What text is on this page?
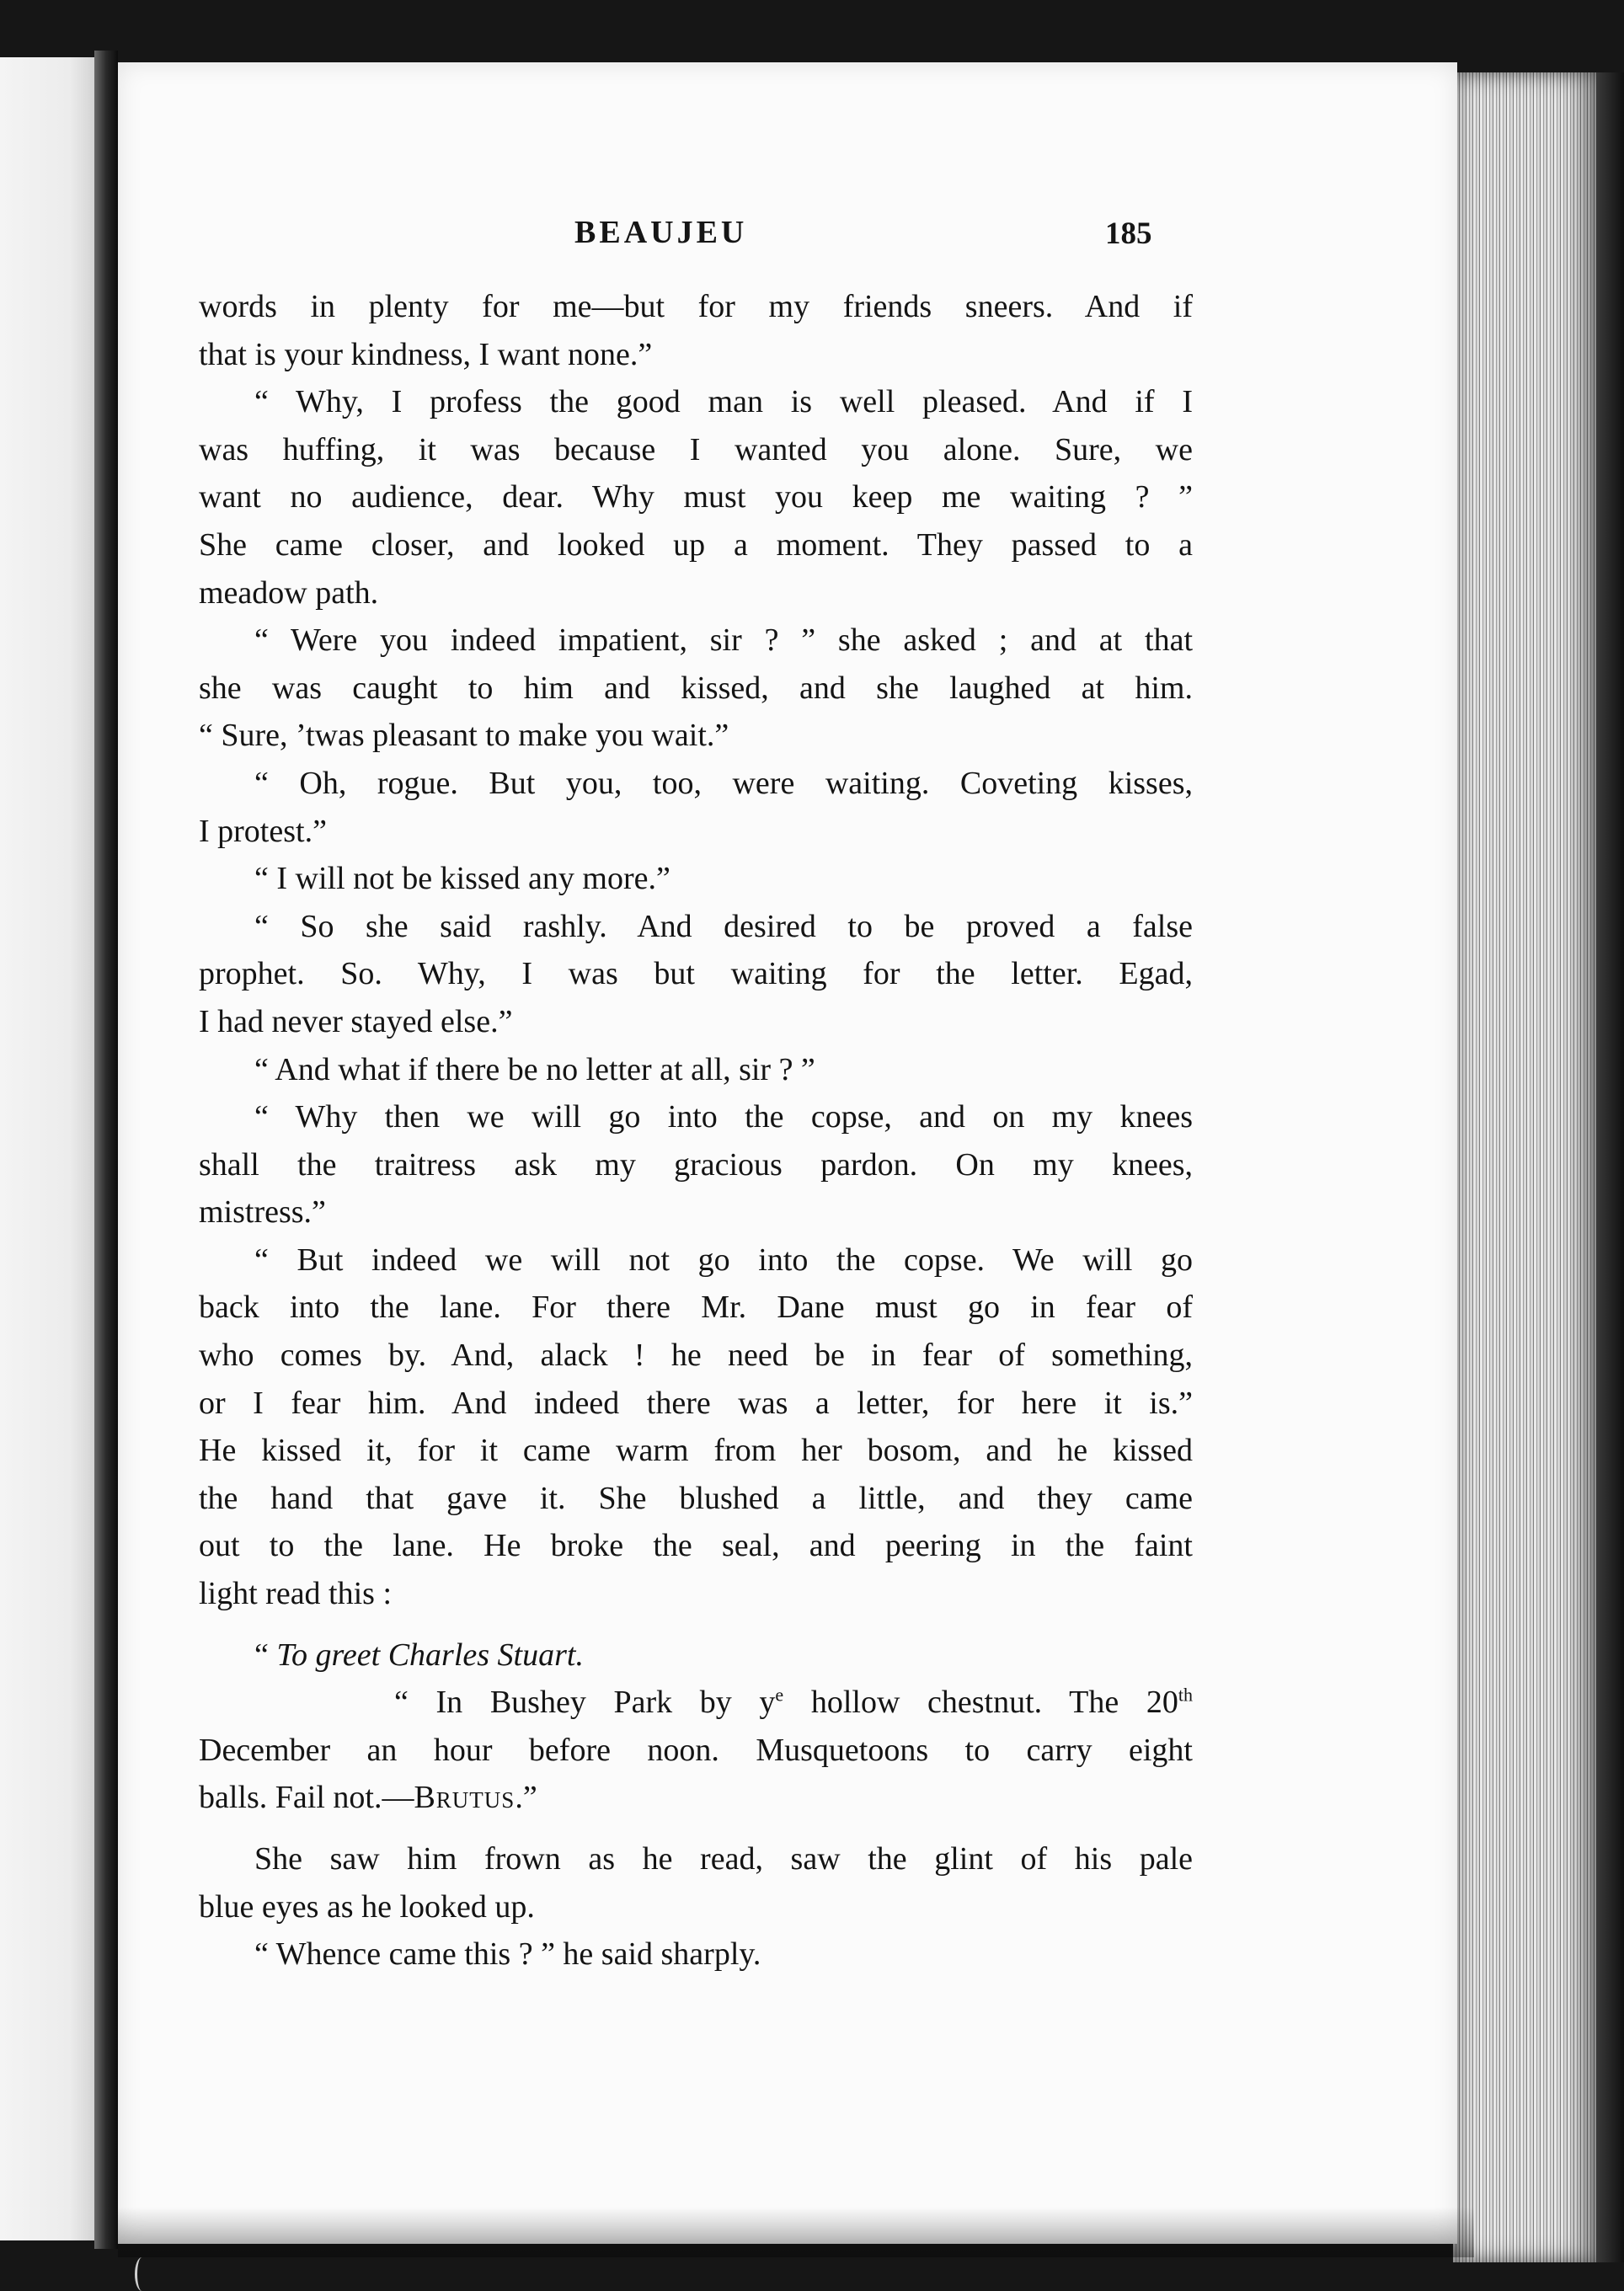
BEAUJEU	185
words in plenty for me—but for my friends sneers. And if
that is your kindness, I want none.”
“ Why, I profess the good man is well pleased. And if I
was huffing, it was because I wanted you alone. Sure, we
want no audience, dear. Why must you keep me waiting ? ”
She came closer, and looked up a moment. They passed to a
meadow path.
“ Were you indeed impatient, sir ? ” she asked ; and at that
she was caught to him and kissed, and she laughed at him.
“ Sure, ’twas pleasant to make you wait.”
“ Oh, rogue. But you, too, were waiting. Coveting kisses,
I protest.”
“ I will not be kissed any more.”
“ So she said rashly. And desired to be proved a false
prophet. So. Why, I was but waiting for the letter. Egad,
I had never stayed else.”
“ And what if there be no letter at all, sir ? ”
“ Why then we will go into the copse, and on my knees
shall the traitress ask my gracious pardon. On my knees,
mistress.”
“ But indeed we will not go into the copse. We will go
back into the lane. For there Mr. Dane must go in fear of
who comes by. And, alack ! he need be in fear of something,
or I fear him. And indeed there was a letter, for here it is.”
He kissed it, for it came warm from her bosom, and he kissed
the hand that gave it. She blushed a little, and they came
out to the lane. He broke the seal, and peering in the faint
light read this :
“ To greet Charles Stuart.
“ In Bushey Park by $y^e$ hollow chestnut. The 20th
December an hour before noon. Musquetoons to carry eight
balls. Fail not.—Brutus.”
She saw him frown as he read, saw the glint of his pale
blue eyes as he looked up.
“ Whence came this ? ” he said sharply.
